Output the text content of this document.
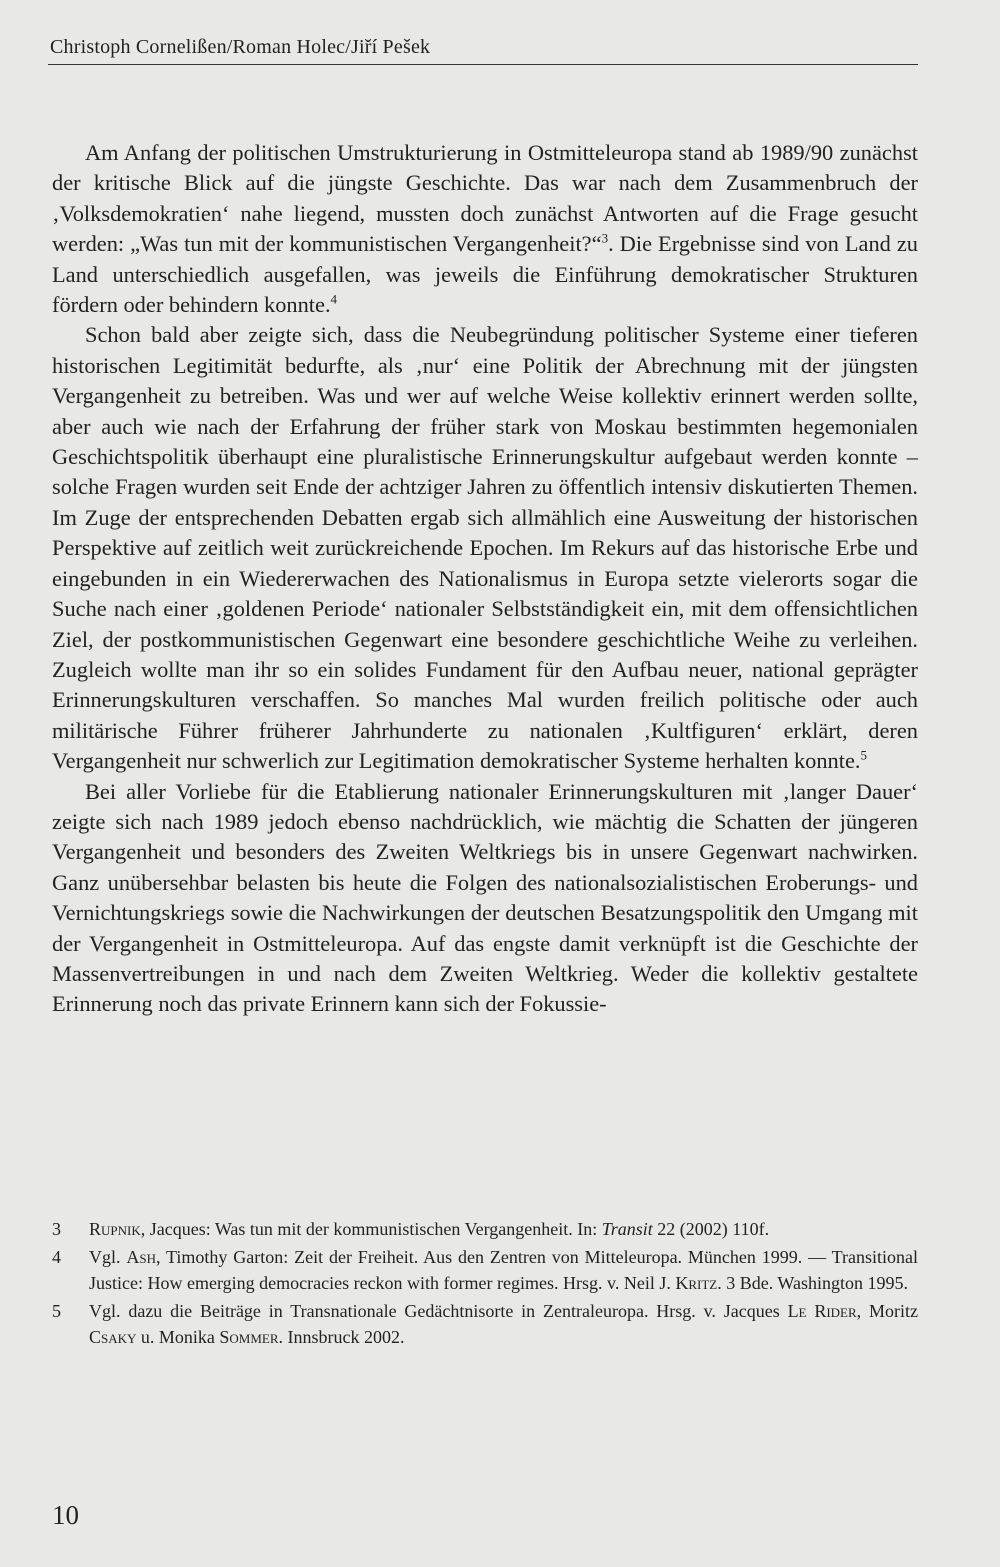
Christoph Cornelißen/Roman Holec/Jiří Pešek

Am Anfang der politischen Umstrukturierung in Ostmitteleuropa stand ab 1989/90 zunächst der kritische Blick auf die jüngste Geschichte. Das war nach dem Zusammenbruch der ‚Volksdemokratien‘ nahe liegend, mussten doch zunächst Antworten auf die Frage gesucht werden: „Was tun mit der kommunistischen Vergangenheit?“$^3$. Die Ergebnisse sind von Land zu Land unterschiedlich ausgefallen, was jeweils die Einführung demokratischer Strukturen fördern oder behindern konnte.$^4$

Schon bald aber zeigte sich, dass die Neubegründung politischer Systeme einer tieferen historischen Legitimität bedurfte, als ‚nur‘ eine Politik der Abrechnung mit der jüngsten Vergangenheit zu betreiben. Was und wer auf welche Weise kollektiv erinnert werden sollte, aber auch wie nach der Erfahrung der früher stark von Moskau bestimmten hegemonialen Geschichtspolitik überhaupt eine pluralistische Erinnerungskultur aufgebaut werden konnte – solche Fragen wurden seit Ende der achtziger Jahren zu öffentlich intensiv diskutierten Themen. Im Zuge der entsprechenden Debatten ergab sich allmählich eine Ausweitung der historischen Perspektive auf zeitlich weit zurückreichende Epochen. Im Rekurs auf das historische Erbe und eingebunden in ein Wiedererwachen des Nationalismus in Europa setzte vielerorts sogar die Suche nach einer ‚goldenen Periode‘ nationaler Selbstständigkeit ein, mit dem offensichtlichen Ziel, der postkommunistischen Gegenwart eine besondere geschichtliche Weihe zu verleihen. Zugleich wollte man ihr so ein solides Fundament für den Aufbau neuer, national geprägter Erinnerungskulturen verschaffen. So manches Mal wurden freilich politische oder auch militärische Führer früherer Jahrhunderte zu nationalen ‚Kultfiguren‘ erklärt, deren Vergangenheit nur schwerlich zur Legitimation demokratischer Systeme herhalten konnte.$^5$

Bei aller Vorliebe für die Etablierung nationaler Erinnerungskulturen mit ‚langer Dauer‘ zeigte sich nach 1989 jedoch ebenso nachdrücklich, wie mächtig die Schatten der jüngeren Vergangenheit und besonders des Zweiten Weltkriegs bis in unsere Gegenwart nachwirken. Ganz unübersehbar belasten bis heute die Folgen des nationalsozialistischen Eroberungs- und Vernichtungskriegs sowie die Nachwirkungen der deutschen Besatzungspolitik den Umgang mit der Vergangenheit in Ostmitteleuropa. Auf das engste damit verknüpft ist die Geschichte der Massenvertreibungen in und nach dem Zweiten Weltkrieg. Weder die kollektiv gestaltete Erinnerung noch das private Erinnern kann sich der Fokussie-

3	Rupnik, Jacques: Was tun mit der kommunistischen Vergangenheit. In: Transit 22 (2002) 110f.
4	Vgl. Ash, Timothy Garton: Zeit der Freiheit. Aus den Zentren von Mitteleuropa. München 1999. — Transitional Justice: How emerging democracies reckon with former regimes. Hrsg. v. Neil J. Kritz. 3 Bde. Washington 1995.
5	Vgl. dazu die Beiträge in Transnationale Gedächtnisorte in Zentraleuropa. Hrsg. v. Jacques Le Rider, Moritz Csaky u. Monika Sommer. Innsbruck 2002.
10
